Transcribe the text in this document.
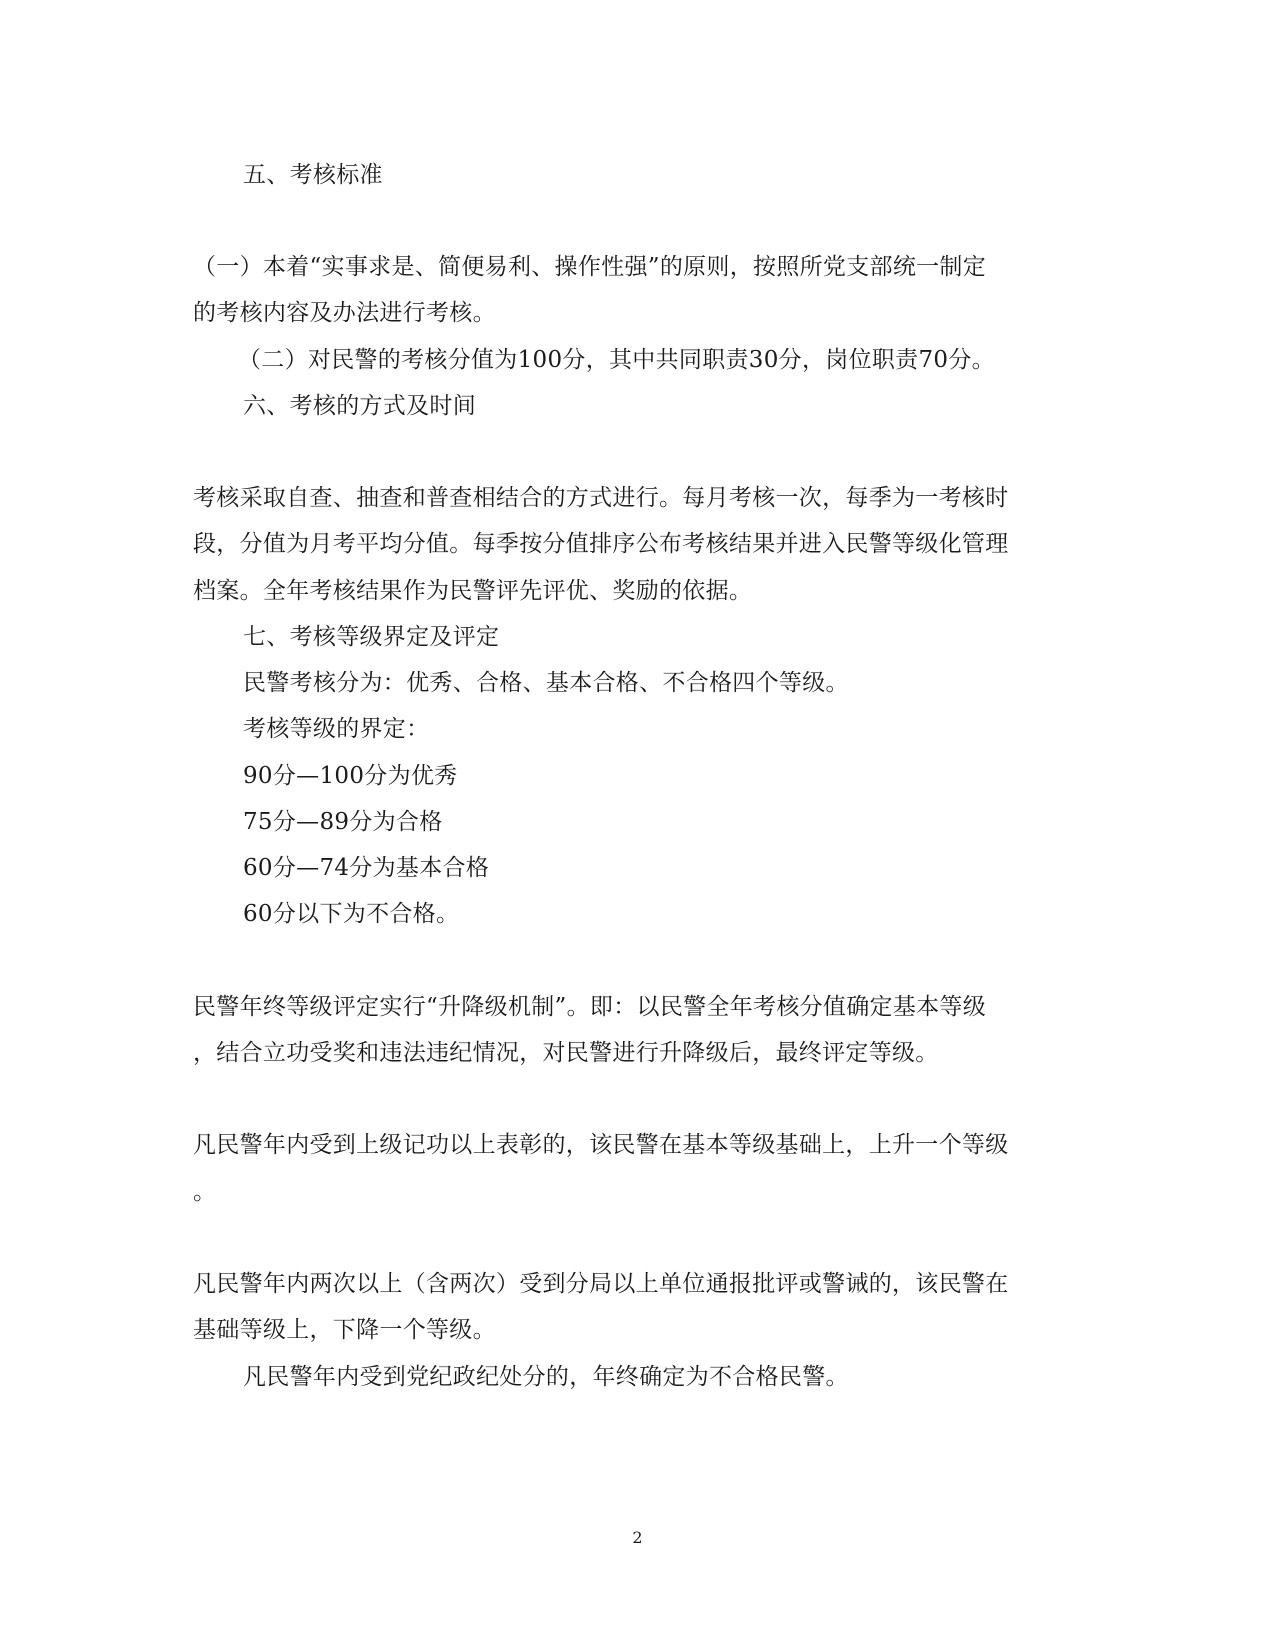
五、考核标准
（一）本着“实事求是、简便易利、操作性强”的原则，按照所党支部统一制定
的考核内容及办法进行考核。
（二）对民警的考核分值为100分，其中共同职责30分，岗位职责70分。
六、考核的方式及时间
考核采取自查、抽查和普查相结合的方式进行。每月考核一次，每季为一考核时
段，分值为月考平均分值。每季按分值排序公布考核结果并进入民警等级化管理
档案。全年考核结果作为民警评先评优、奖励的依据。
七、考核等级界定及评定
民警考核分为：优秀、合格、基本合格、不合格四个等级。
考核等级的界定：
90分—100分为优秀
75分—89分为合格
60分—74分为基本合格
60分以下为不合格。
民警年终等级评定实行“升降级机制”。即：以民警全年考核分值确定基本等级
，结合立功受奖和违法违纪情况，对民警进行升降级后，最终评定等级。
凡民警年内受到上级记功以上表彰的，该民警在基本等级基础上，上升一个等级
。
凡民警年内两次以上（含两次）受到分局以上单位通报批评或警诫的，该民警在
基础等级上，下降一个等级。
凡民警年内受到党纪政纪处分的，年终确定为不合格民警。
2
